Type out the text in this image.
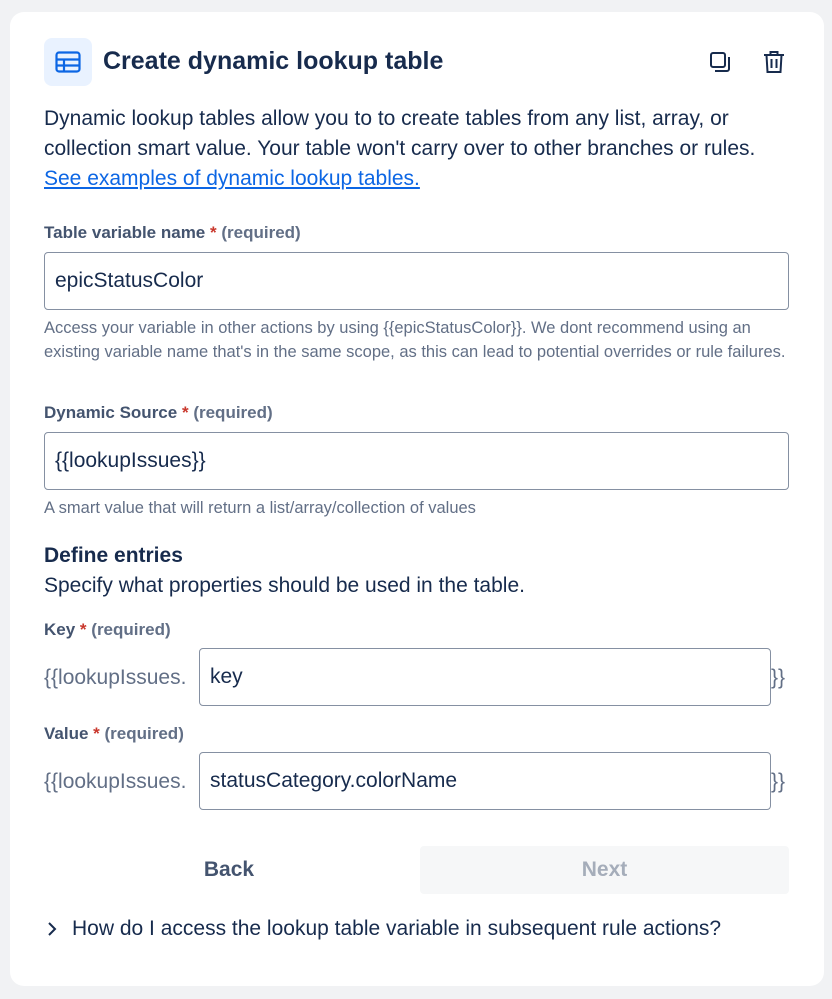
Create dynamic lookup table

Dynamic lookup tables allow you to to create tables from any list, array, or collection smart value. Your table won't carry over to other branches or rules. See examples of dynamic lookup tables.

Table variable name * (required)
epicStatusColor

Access your variable in other actions by using {{epicStatusColor}}. We dont recommend using an existing variable name that's in the same scope, as this can lead to potential overrides or rule failures.

Dynamic Source * (required)
{{lookupIssues}}

A smart value that will return a list/array/collection of values

Define entries
Specify what properties should be used in the table.
Key * (required)
{{lookupIssues.
key	}}
Value * (required)
{{lookupIssues.
statusCategory.colorName	}}
Back	Next
How do I access the lookup table variable in subsequent rule actions?
